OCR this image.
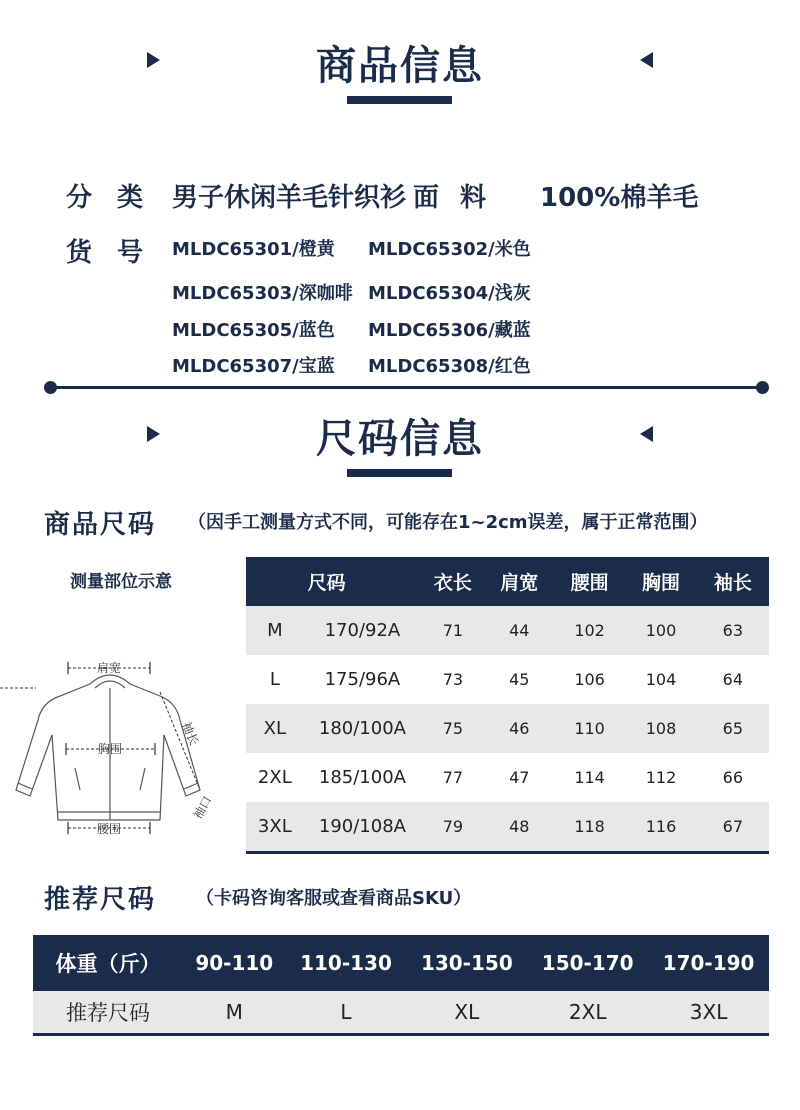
商品信息
分 类 男子休闲羊毛针织衫 面 料 100%棉羊毛
货 号 MLDC65301/橙黄 MLDC65302/米色
MLDC65303/深咖啡 MLDC65304/浅灰
MLDC65305/蓝色 MLDC65306/藏蓝
MLDC65307/宝蓝 MLDC65308/红色
尺码信息
商品尺码 （因手工测量方式不同，可能存在1~2cm误差，属于正常范围）
测量部位示意
肩宽
胸围
腰围
袖长
袖口
	尺码	衣长	肩宽	腰围	胸围	袖长
M	170/92A	71	44	102	100	63
L	175/96A	73	45	106	104	64
XL	180/100A	75	46	110	108	65
2XL	185/100A	77	47	114	112	66
3XL	190/108A	79	48	118	116	67
推荐尺码 （卡码咨询客服或查看商品SKU）
体重（斤）	90-110	110-130	130-150	150-170	170-190
推荐尺码	M	L	XL	2XL	3XL
